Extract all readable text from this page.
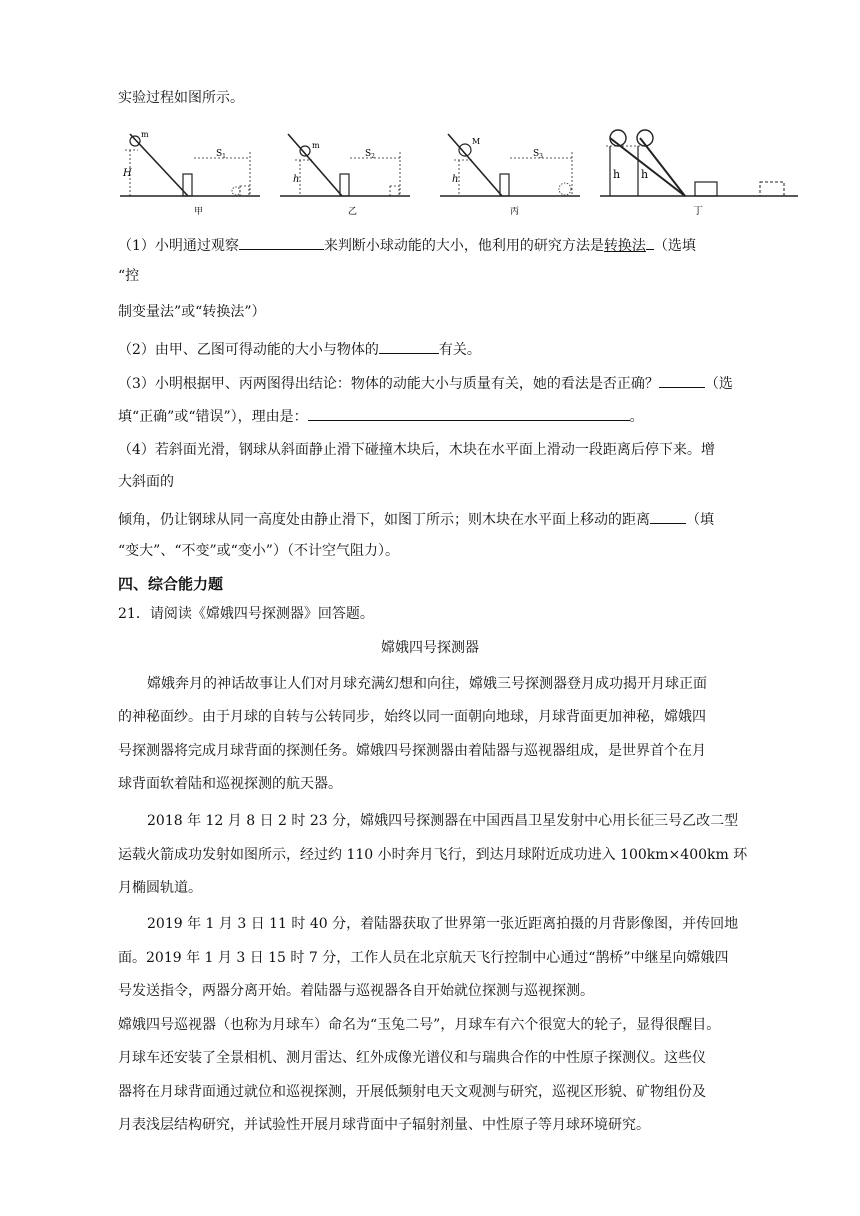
实验过程如图所示。
m
H
$S_1$
甲
m
h
$S_2$
乙
M
h
$S_3$
丙
h h
丁
（1）小明通过观察	来判断小球动能的大小，他利用的研究方法是转换法 （选填
“控
制变量法”或“转换法”）
（2）由甲、乙图可得动能的大小与物体的	有关。
（3）小明根据甲、丙两图得出结论：物体的动能大小与质量有关，她的看法是否正确？	（选
填“正确”或“错误”），理由是：	。
（4）若斜面光滑，钢球从斜面静止滑下碰撞木块后，木块在水平面上滑动一段距离后停下来。增
大斜面的
倾角，仍让钢球从同一高度处由静止滑下，如图丁所示；则木块在水平面上移动的距离	（填
“变大”、“不变”或“变小”）（不计空气阻力）。
四、综合能力题
21．请阅读《嫦娥四号探测器》回答题。
嫦娥四号探测器
嫦娥奔月的神话故事让人们对月球充满幻想和向往，嫦娥三号探测器登月成功揭开月球正面
的神秘面纱。由于月球的自转与公转同步，始终以同一面朝向地球，月球背面更加神秘，嫦娥四
号探测器将完成月球背面的探测任务。嫦娥四号探测器由着陆器与巡视器组成，是世界首个在月
球背面软着陆和巡视探测的航天器。
2018 年 12 月 8 日 2 时 23 分，嫦娥四号探测器在中国西昌卫星发射中心用长征三号乙改二型
运载火箭成功发射如图所示，经过约 110 小时奔月飞行，到达月球附近成功进入 100km×400km 环
月椭圆轨道。
2019 年 1 月 3 日 11 时 40 分，着陆器获取了世界第一张近距离拍摄的月背影像图，并传回地
面。2019 年 1 月 3 日 15 时 7 分，工作人员在北京航天飞行控制中心通过“鹊桥”中继星向嫦娥四
号发送指令，两器分离开始。着陆器与巡视器各自开始就位探测与巡视探测。
嫦娥四号巡视器（也称为月球车）命名为“玉兔二号”，月球车有六个很宽大的轮子，显得很醒目。
月球车还安装了全景相机、测月雷达、红外成像光谱仪和与瑞典合作的中性原子探测仪。这些仪
器将在月球背面通过就位和巡视探测，开展低频射电天文观测与研究，巡视区形貌、矿物组份及
月表浅层结构研究，并试验性开展月球背面中子辐射剂量、中性原子等月球环境研究。
